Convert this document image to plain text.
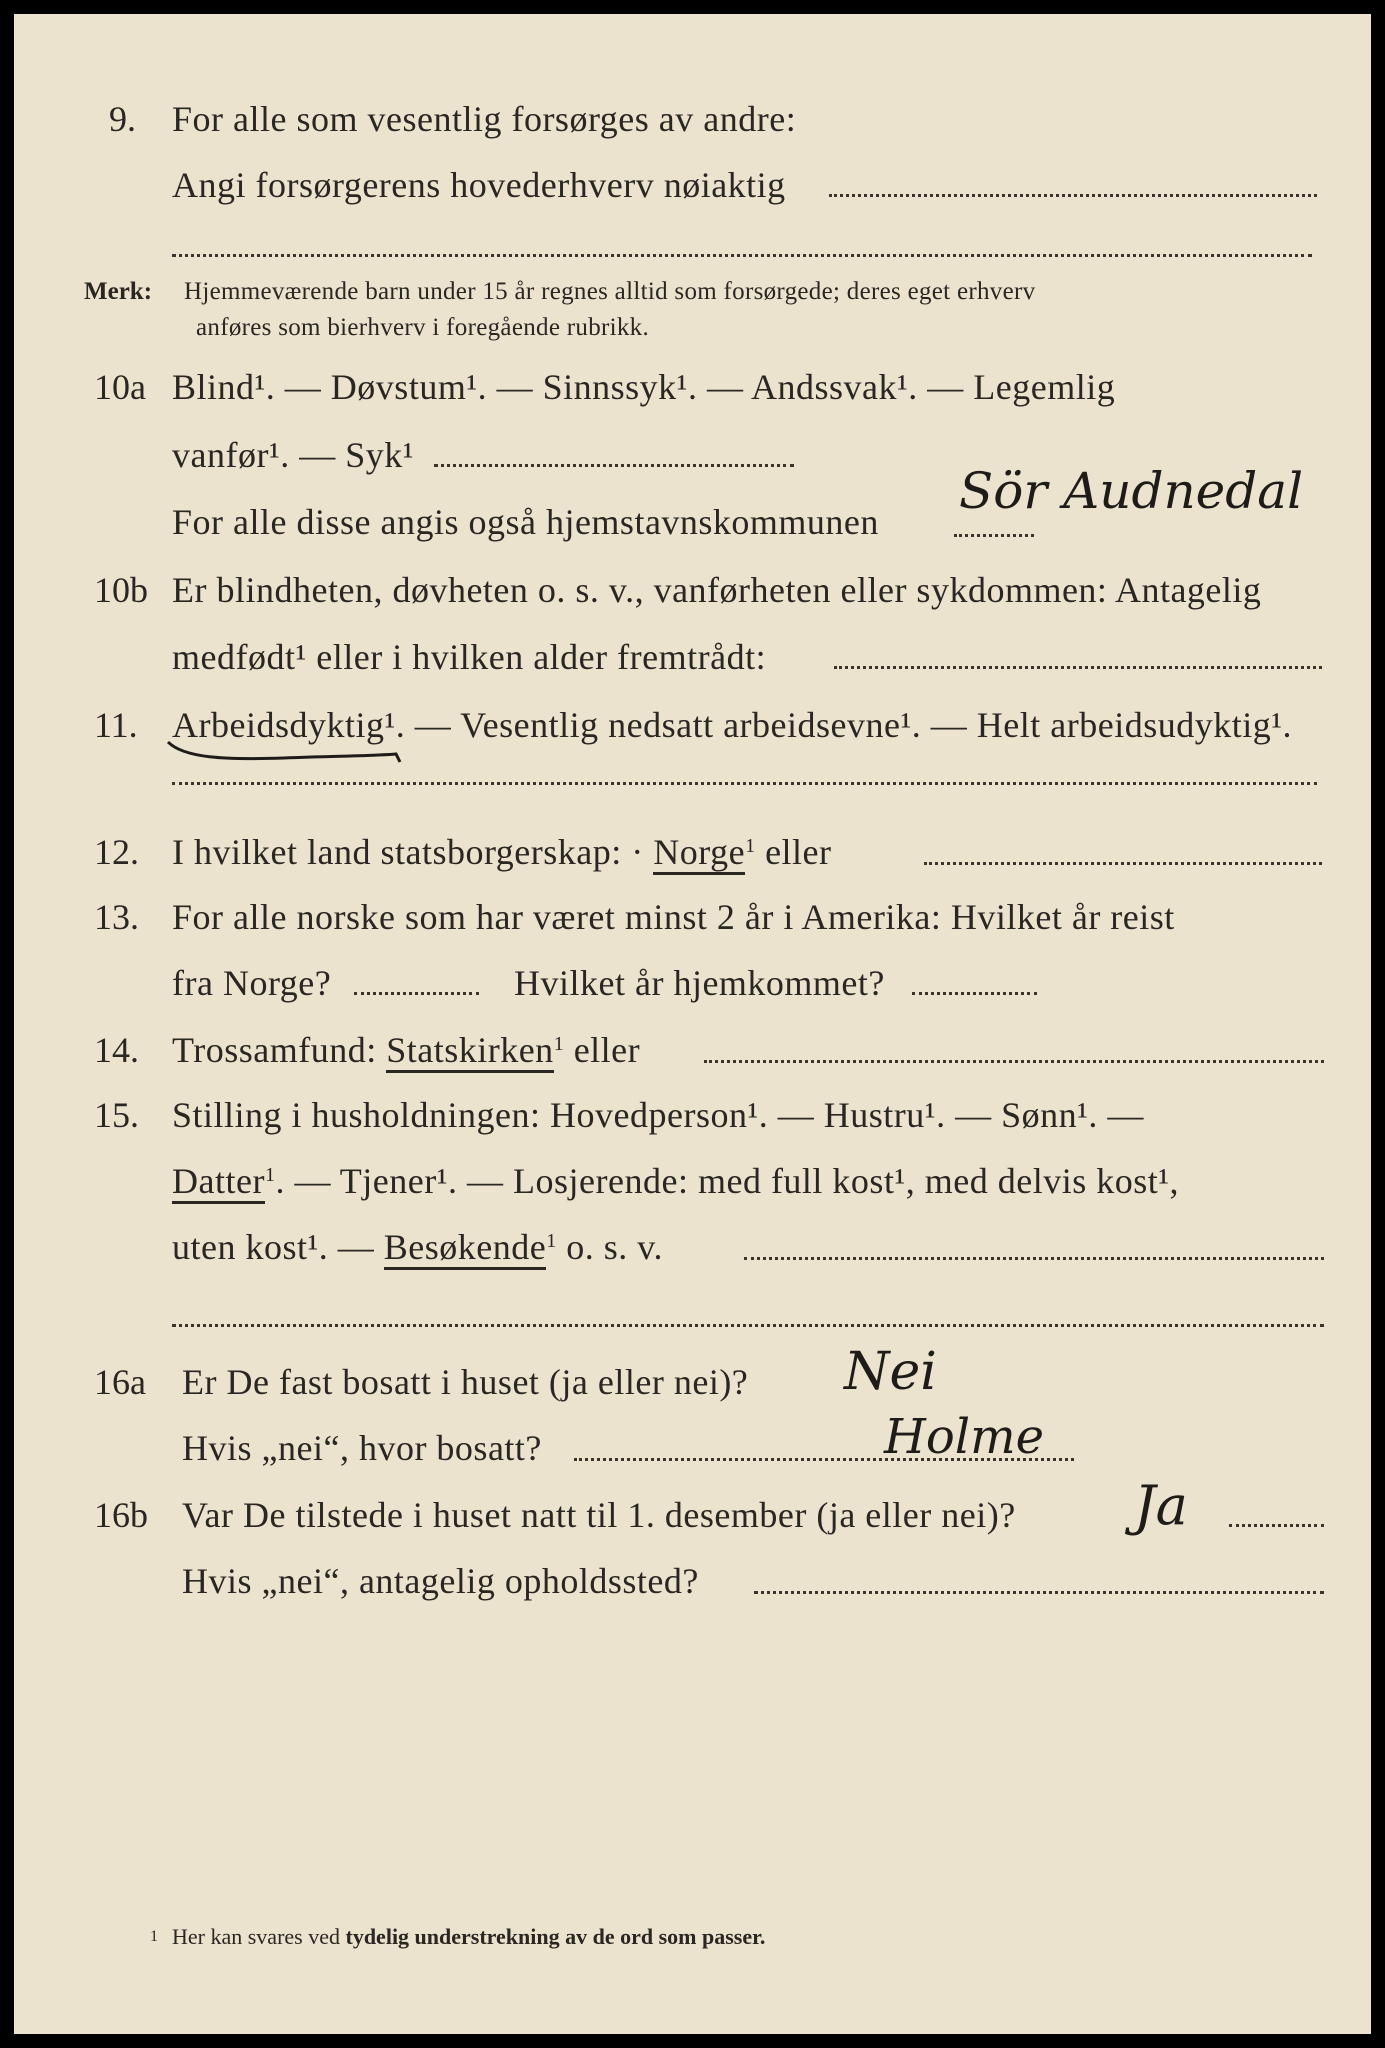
9. For alle som vesentlig forsørges av andre:
Angi forsørgerens hovederhverv nøiaktig
Merk: Hjemmeværende barn under 15 år regnes alltid som forsørgede; deres eget erhverv
anføres som bierhverv i foregående rubrikk.
10a Blind¹. — Døvstum¹. — Sinnssyk¹. — Andssvak¹. — Legemlig
vanfør¹. — Syk¹
For alle disse angis også hjemstavnskommunen
Sör Audnedal
10b Er blindheten, døvheten o. s. v., vanførheten eller sykdommen: Antagelig
medfødt¹ eller i hvilken alder fremtrådt:
11. Arbeidsdyktig¹. — Vesentlig nedsatt arbeidsevne¹. — Helt arbeidsudyktig¹.
12. I hvilket land statsborgerskap: · Norge$^1$ eller
13. For alle norske som har været minst 2 år i Amerika: Hvilket år reist
fra Norge?	Hvilket år hjemkommet?
14. Trossamfund: Statskirken$^1$ eller
15. Stilling i husholdningen: Hovedperson¹. — Hustru¹. — Sønn¹. —
Datter$^1$. — Tjener¹. — Losjerende: med full kost¹, med delvis kost¹,
uten kost¹. — Besøkende$^1$ o. s. v.
16a Er De fast bosatt i huset (ja eller nei)? Nei
Hvis „nei“, hvor bosatt?	Holme
16b Var De tilstede i huset natt til 1. desember (ja eller nei)? Ja
Hvis „nei“, antagelig opholdssted?
1 Her kan svares ved tydelig understrekning av de ord som passer.
